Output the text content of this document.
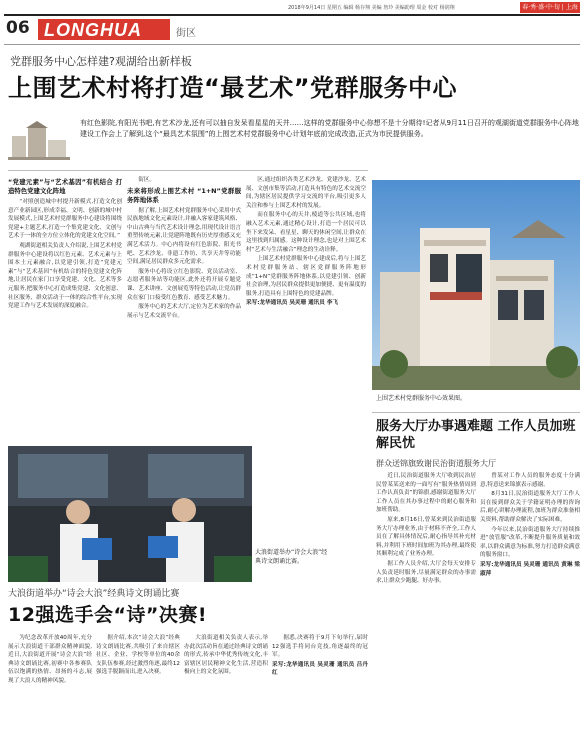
2018年9月14日 星期五 编辑 杨存翔 美编 詹玲 美编助理 周金 校对 杨润翔	春·秀·盛·中·旬 | 上海
06 LONGHUA	街区
党群服务中心怎样建?观湖给出新样板
上围艺术村将打造“最艺术”党群服务中心
有红色影院,有阳光书吧,有艺术沙龙,还有可以抽自发呆看星星的天井……这样的党群服务中心你想不是十分期待!记者从9月11日召开的观湖街道党群服务中心阵地建设工作会上了解到,这个“最具艺术氛围”的上围艺术村党群服务中心计划年底前完成改造,正式为市民提供服务。
“党建元素”与“艺术基因”有机结合 打造特色党建文化阵地

“对照创造城中村提升新模式,打造文化创意产业新园区,形成幸福、文明、创新的城中村发展模式,上围艺术村党群服务中心建设将围绕党建+主题艺术,打造一个集党建文化、文创与艺术于一体的全方位立体化的党建文化空间。”

观湖街道相关负责人介绍说,上围艺术村党群服务中心建设将以红色元素、艺术元素与上围本土元素融合,以党建引领,打造“党建元素”与“艺术基因”有机结合的特色党建文化阵地,让居民在家门口享受党建、文化、艺术等多元服务,把服务中心打造成集党建、文化创意、社区服务、群众活动于一体的综合性平台,实现党建工作与艺术发展的深度融合。

街区。

未来将形成上围艺术村 “1+N”党群服务阵地体系

据了解,上围艺术村党群服务中心采用中式民族地域文化元素设计,并融入客家建筑风格、中山古典与当代艺术设计理念,用现代设计语言重塑传统元素,让党建阵地既有历史厚重感又充满艺术活力。中心内将设有红色影院、阳光书吧、艺术沙龙、非遗工作坊、共享天井等功能空间,满足居民群众多元化需求。

服务中心将设立红色影院、党员活动室、志愿者服务站等功能区,此外还将开展专题党课、艺术讲座、文创展览等特色活动,让党员群众在家门口接受红色教育、感受艺术魅力。

服务中心的艺术大厅,定位为艺术家的作品展示与艺术交流平台。

区,通过组织各类艺术沙龙、党建沙龙、艺术展、文创市集等活动,打造具有特色的艺术交流空间,为辖区居民提供学习交流的平台,吸引更多人关注和参与上围艺术村的发展。

而在服务中心的天井,棱道等公共区域,也将融入艺术元素,通过精心设计,打造一个居民可以坐下来发呆、看星星、聊天的休闲空间,让群众在这里找到归属感。这种设计理念,也是对上围艺术村“艺术与生活融合”理念的生动诠释。

上围艺术村党群服务中心建成后,将与上围艺术村党群服务站、辖区党群服务阵地形成“1+N”党群服务阵地体系,以党建引领、创新社会治理,为居民群众提供更加便捷、更有温度的服务,打造具有上围特色的党建品牌。

采写:龙华通讯员 吴灵珊 通讯员 李飞

上围艺术村党群服务中心效果图。
服务大厅办事遇难题 工作人员加班解民忧
群众送锦旗致谢民治街道服务大厅

近日,民治街道服务大厅收到民治居民曾某某送来的一面写有“服务热情周到 工作认真负责”的锦旗,感谢街道服务大厅工作人员在其办事过程中的耐心服务和加班帮助。

原来,8月16日,曾某来到民治街道服务大厅办理业务,由于材料不齐全,工作人员在了解具体情况后,耐心指导其补充材料,并利用下班时间加班为其办理,最终使其顺利完成了业务办理。

据工作人员介绍,大厅会每天安排专人负责延时服务,尽量满足群众的办事需求,让群众少跑腿、好办事。

曾某对工作人员的服务态度十分满意,特意送来锦旗表示感谢。

8月31日,民治街道服务大厅工作人员在接到群众关于学籍证明办理的咨询后,耐心讲解办理流程,加班为群众准备相关资料,帮助群众解决了实际困难。

今年以来,民治街道服务大厅持续推进“放管服”改革,不断提升服务质量和效率,以群众满意为标准,努力打造群众满意的服务窗口。

采写:龙华通讯员 吴灵珊 通讯员 黄琳 梁淑萍

大浪街道举办“诗会大浪”经典诗文朗诵比赛。
大浪街道举办“诗会大浪”经典诗文朗诵比赛
12强选手会“诗”决赛!

为纪念改革开放40周年,充分展示大浪街道干部群众精神面貌,近日,大浪街道开展“诗会大浪”经典诗文朗诵比赛,初赛中各参赛队伍以饱满的热情、昂扬的斗志,展现了大浪人的精神风貌。

据介绍,本次“诗会大浪”经典诗文朗诵比赛,共吸引了来自辖区社区、企业、学校等单位的40余支队伍参赛,经过激烈角逐,最终12强选手脱颖而出,进入决赛。

大浪街道相关负责人表示,举办此次活动旨在通过经典诗文朗诵的形式,传承中华优秀传统文化,丰富辖区居民精神文化生活,营造积极向上的文化氛围。

据悉,决赛将于9月下旬举行,届时12强选手将同台竞技,角逐最终的冠军。

采写:龙华通讯员 吴灵珊 通讯员 吕丹红
